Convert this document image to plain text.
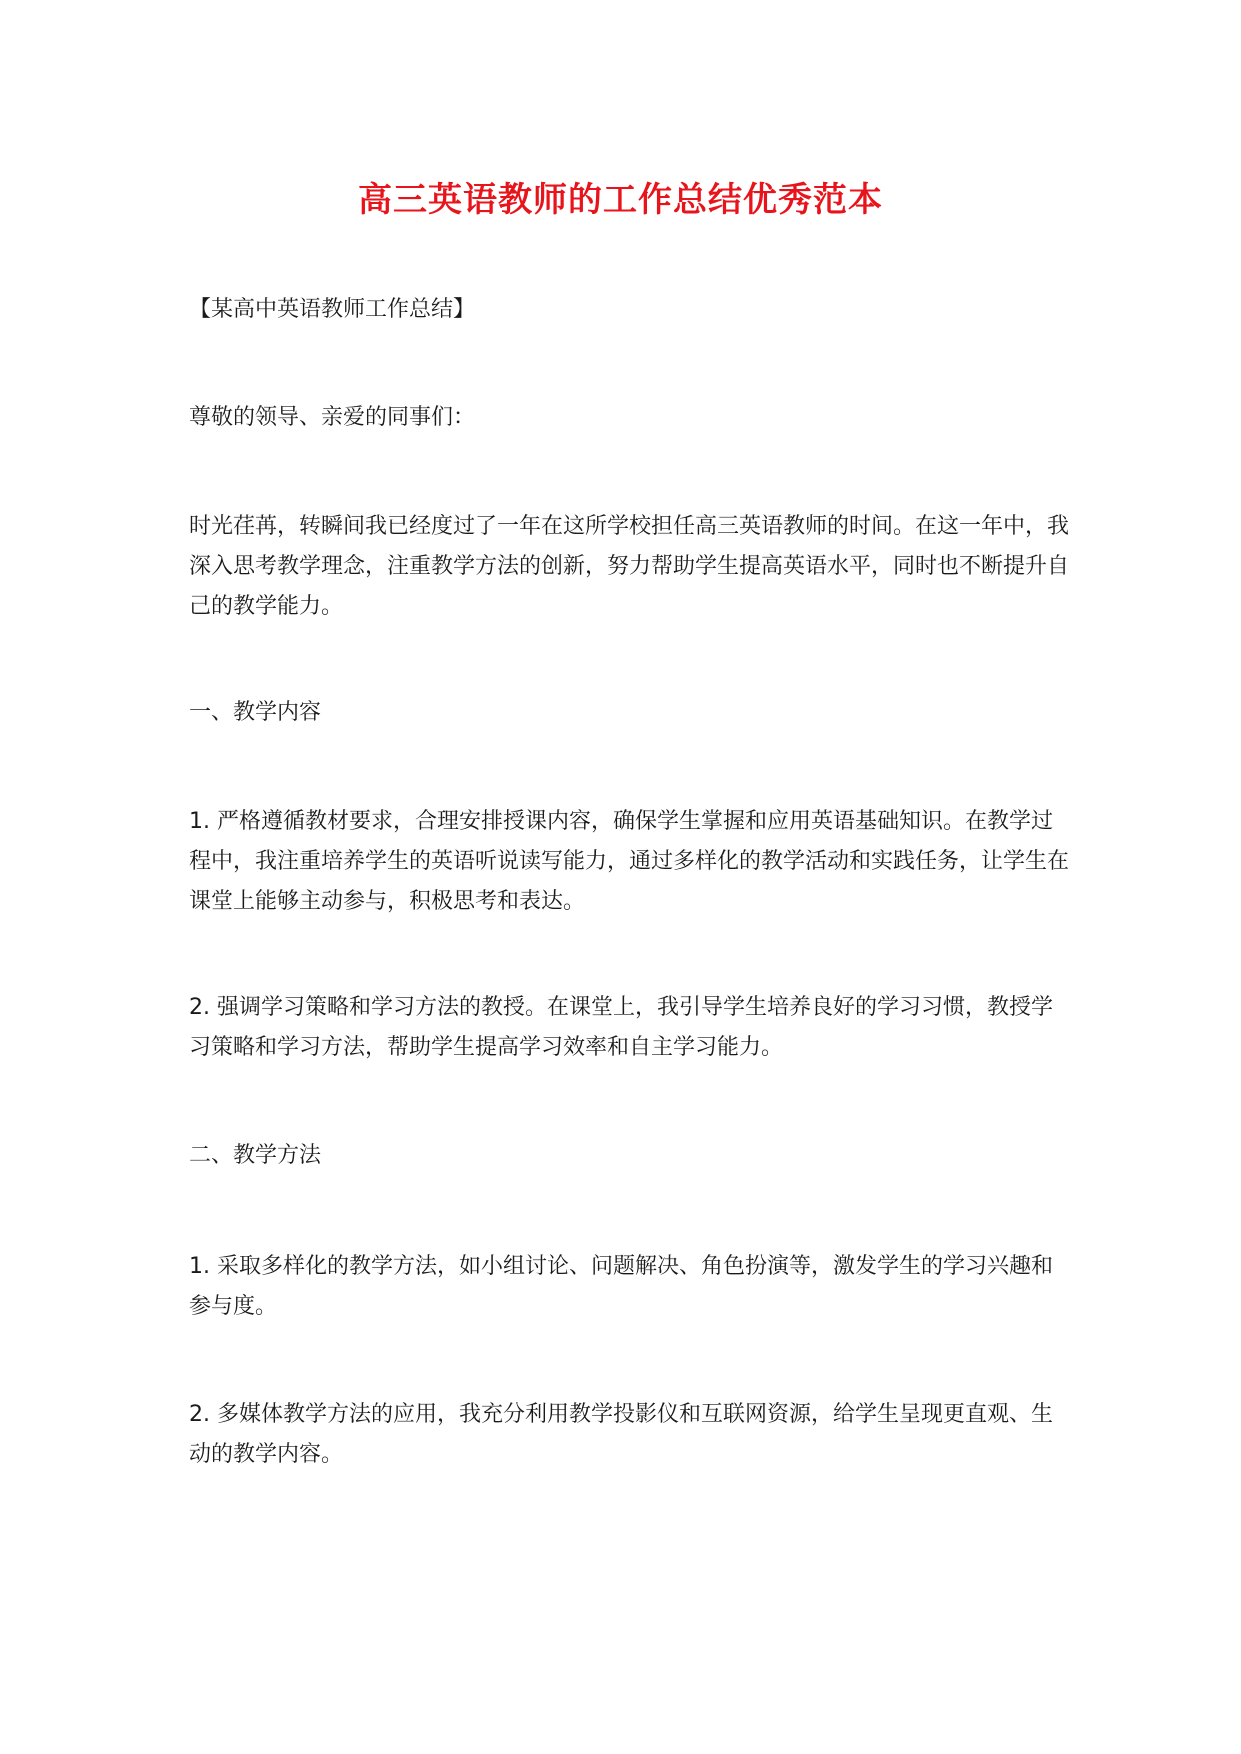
高三英语教师的工作总结优秀范本

【某高中英语教师工作总结】

尊敬的领导、亲爱的同事们：

时光荏苒，转瞬间我已经度过了一年在这所学校担任高三英语教师的时间。在这一年中，我深入思考教学理念，注重教学方法的创新，努力帮助学生提高英语水平，同时也不断提升自己的教学能力。

一、教学内容

1. 严格遵循教材要求，合理安排授课内容，确保学生掌握和应用英语基础知识。在教学过程中，我注重培养学生的英语听说读写能力，通过多样化的教学活动和实践任务，让学生在课堂上能够主动参与，积极思考和表达。

2. 强调学习策略和学习方法的教授。在课堂上，我引导学生培养良好的学习习惯，教授学习策略和学习方法，帮助学生提高学习效率和自主学习能力。

二、教学方法

1. 采取多样化的教学方法，如小组讨论、问题解决、角色扮演等，激发学生的学习兴趣和参与度。

2. 多媒体教学方法的应用，我充分利用教学投影仪和互联网资源，给学生呈现更直观、生动的教学内容。
